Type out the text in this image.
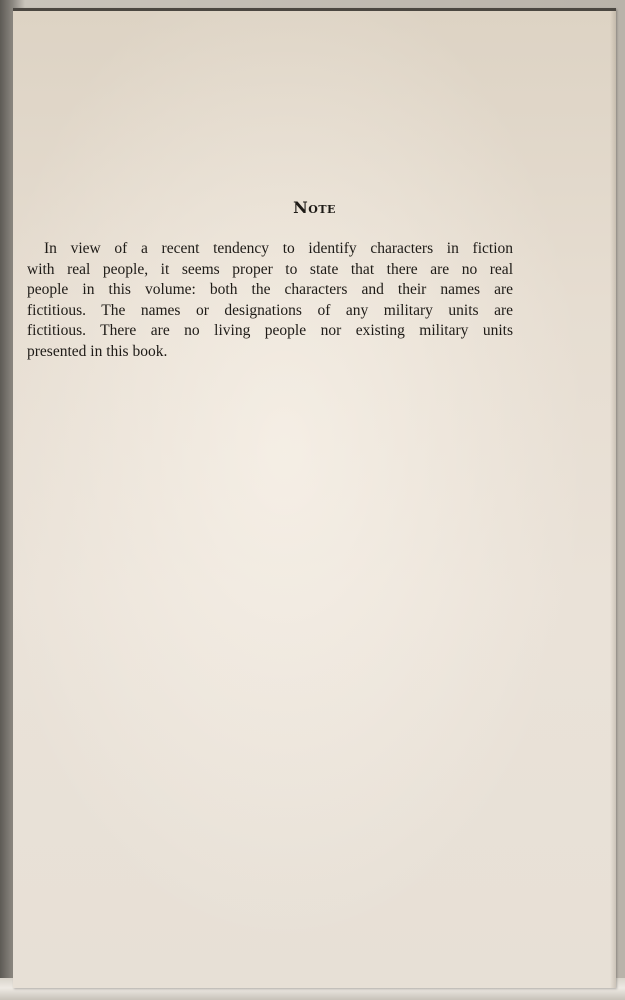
Note

In view of a recent tendency to identify characters in fiction
with real people, it seems proper to state that there are no real
people in this volume: both the characters and their names are
fictitious. The names or designations of any military units are
fictitious. There are no living people nor existing military units
presented in this book.
